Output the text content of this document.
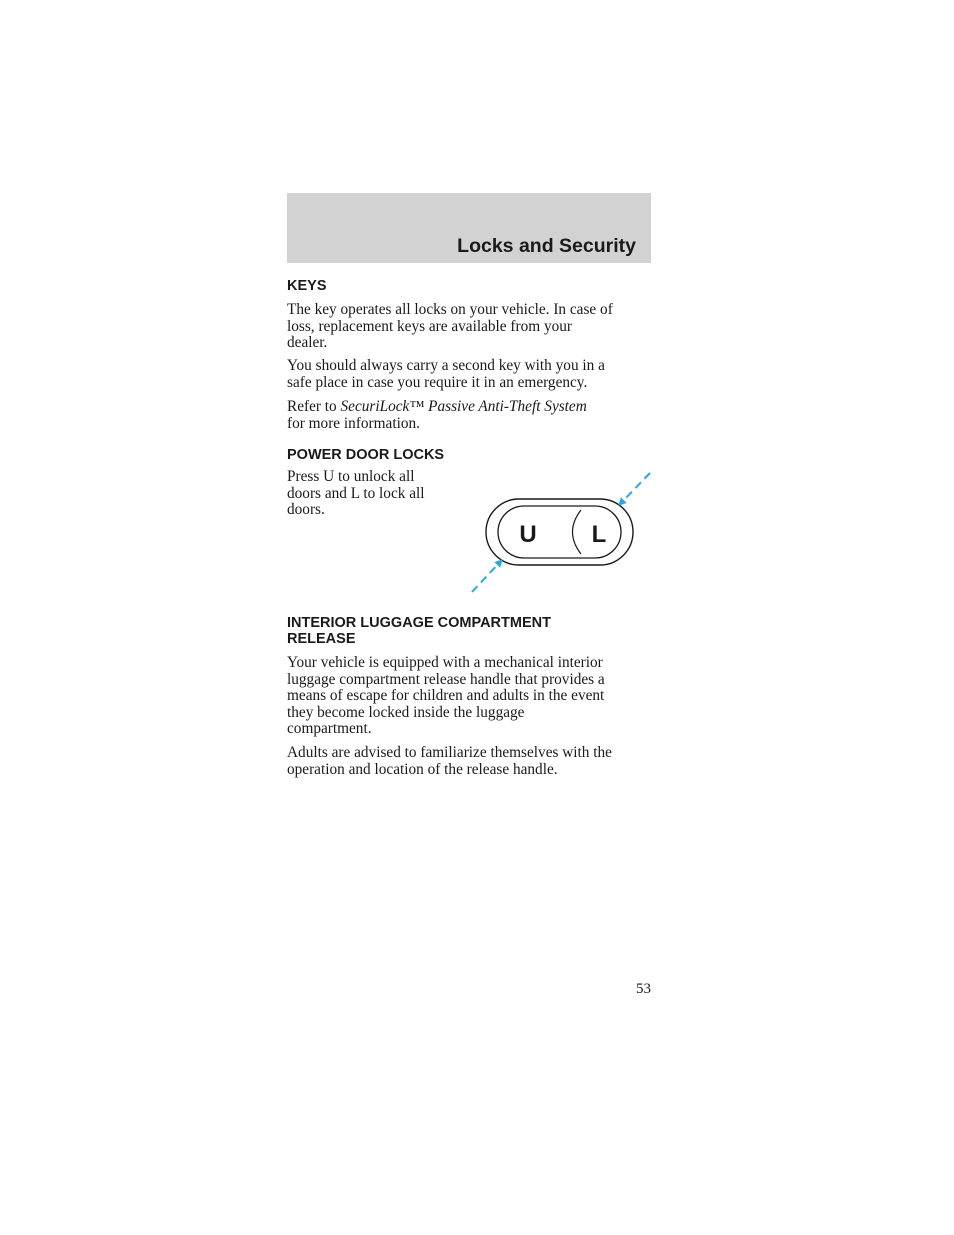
Locks and Security
KEYS

The key operates all locks on your vehicle. In case of
loss, replacement keys are available from your
dealer.

You should always carry a second key with you in a
safe place in case you require it in an emergency.

Refer to SecuriLock™ Passive Anti-Theft System
for more information.

POWER DOOR LOCKS

Press U to unlock all
doors and L to lock all
doors.

U L
INTERIOR LUGGAGE COMPARTMENT
RELEASE

Your vehicle is equipped with a mechanical interior
luggage compartment release handle that provides a
means of escape for children and adults in the event
they become locked inside the luggage
compartment.

Adults are advised to familiarize themselves with the
operation and location of the release handle.

53
